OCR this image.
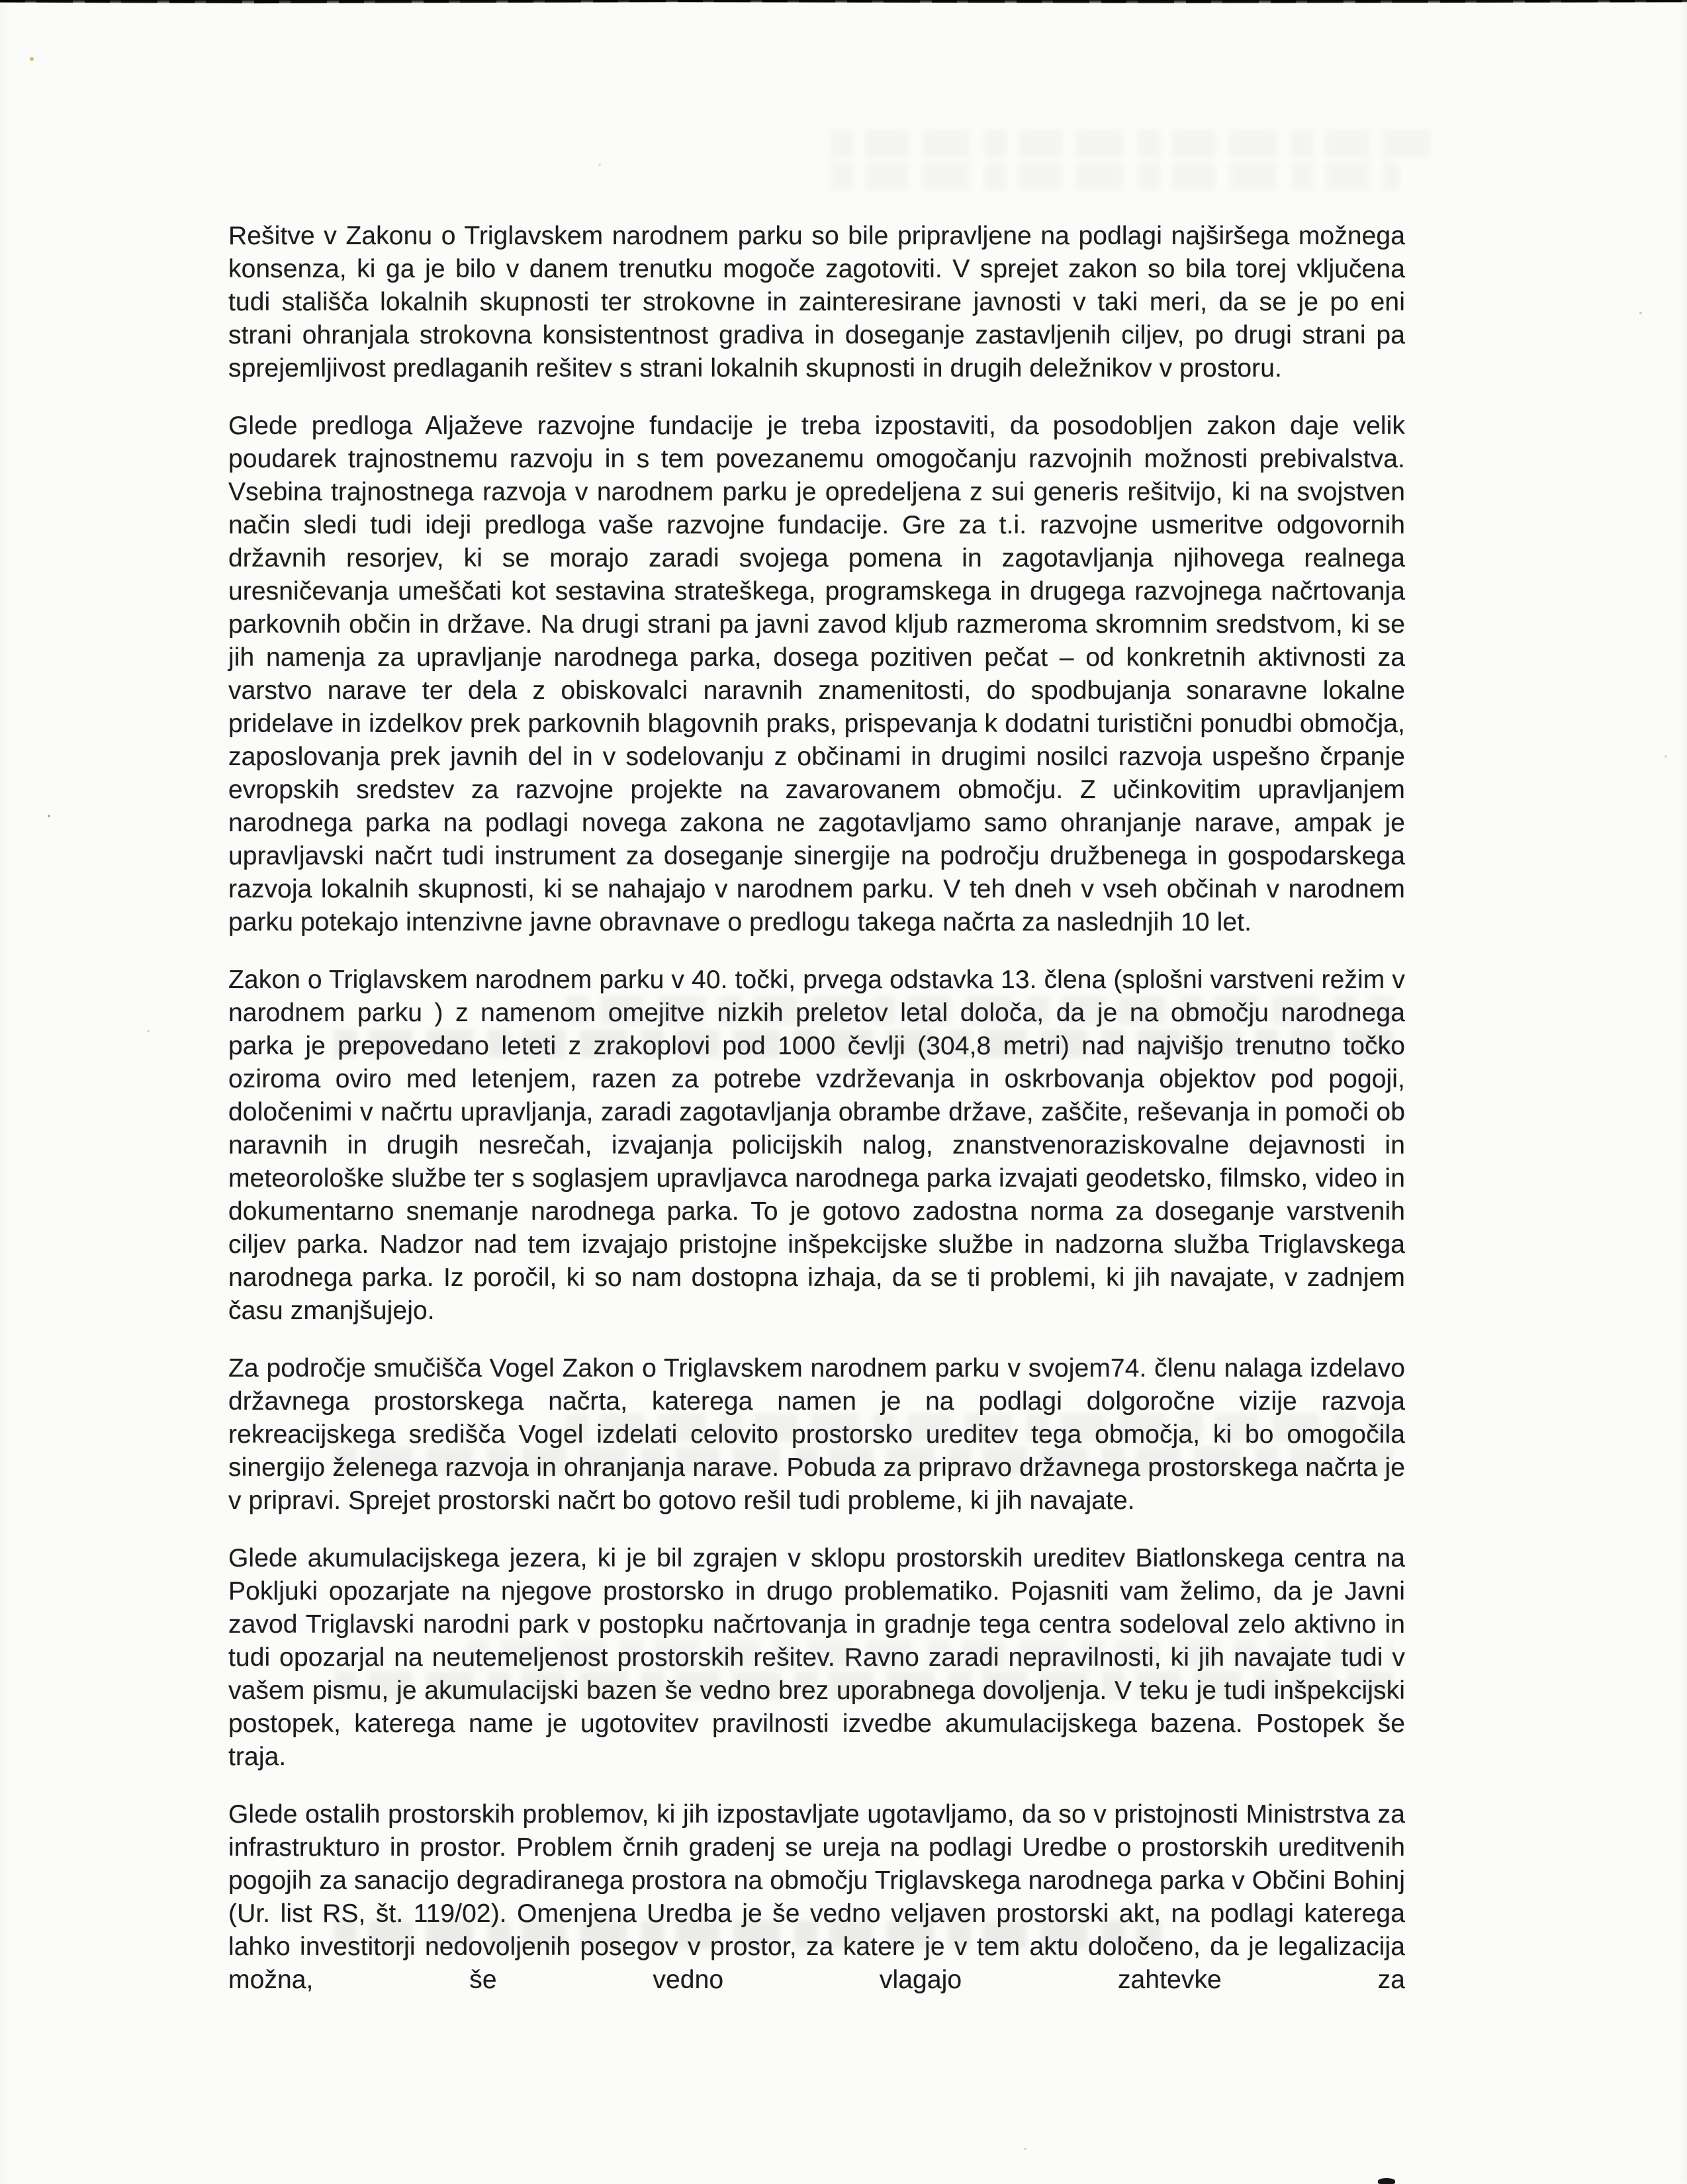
Rešitve v Zakonu o Triglavskem narodnem parku so bile pripravljene na podlagi najširšega možnega konsenza, ki ga je bilo v danem trenutku mogoče zagotoviti. V sprejet zakon so bila torej vključena tudi stališča lokalnih skupnosti ter strokovne in zainteresirane javnosti v taki meri, da se je po eni strani ohranjala strokovna konsistentnost gradiva in doseganje zastavljenih ciljev, po drugi strani pa sprejemljivost predlaganih rešitev s strani lokalnih skupnosti in drugih deležnikov v prostoru.

Glede predloga Aljaževe razvojne fundacije je treba izpostaviti, da posodobljen zakon daje velik poudarek trajnostnemu razvoju in s tem povezanemu omogočanju razvojnih možnosti prebivalstva. Vsebina trajnostnega razvoja v narodnem parku je opredeljena z sui generis rešitvijo, ki na svojstven način sledi tudi ideji predloga vaše razvojne fundacije. Gre za t.i. razvojne usmeritve odgovornih državnih resorjev, ki se morajo zaradi svojega pomena in zagotavljanja njihovega realnega uresničevanja umeščati kot sestavina strateškega, programskega in drugega razvojnega načrtovanja parkovnih občin in države. Na drugi strani pa javni zavod kljub razmeroma skromnim sredstvom, ki se jih namenja za upravljanje narodnega parka, dosega pozitiven pečat – od konkretnih aktivnosti za varstvo narave ter dela z obiskovalci naravnih znamenitosti, do spodbujanja sonaravne lokalne pridelave in izdelkov prek parkovnih blagovnih praks, prispevanja k dodatni turistični ponudbi območja, zaposlovanja prek javnih del in v sodelovanju z občinami in drugimi nosilci razvoja uspešno črpanje evropskih sredstev za razvojne projekte na zavarovanem območju. Z učinkovitim upravljanjem narodnega parka na podlagi novega zakona ne zagotavljamo samo ohranjanje narave, ampak je upravljavski načrt tudi instrument za doseganje sinergije na področju družbenega in gospodarskega razvoja lokalnih skupnosti, ki se nahajajo v narodnem parku. V teh dneh v vseh občinah v narodnem parku potekajo intenzivne javne obravnave o predlogu takega načrta za naslednjih 10 let.

Zakon o Triglavskem narodnem parku v 40. točki, prvega odstavka 13. člena (splošni varstveni režim v narodnem parku ) z namenom omejitve nizkih preletov letal določa, da je na območju narodnega parka je prepovedano leteti z zrakoplovi pod 1000 čevlji (304,8 metri) nad najvišjo trenutno točko oziroma oviro med letenjem, razen za potrebe vzdrževanja in oskrbovanja objektov pod pogoji, določenimi v načrtu upravljanja, zaradi zagotavljanja obrambe države, zaščite, reševanja in pomoči ob naravnih in drugih nesrečah, izvajanja policijskih nalog, znanstvenoraziskovalne dejavnosti in meteorološke službe ter s soglasjem upravljavca narodnega parka izvajati geodetsko, filmsko, video in dokumentarno snemanje narodnega parka. To je gotovo zadostna norma za doseganje varstvenih ciljev parka. Nadzor nad tem izvajajo pristojne inšpekcijske službe in nadzorna služba Triglavskega narodnega parka. Iz poročil, ki so nam dostopna izhaja, da se ti problemi, ki jih navajate, v zadnjem času zmanjšujejo.

Za področje smučišča Vogel Zakon o Triglavskem narodnem parku v svojem74. členu nalaga izdelavo državnega prostorskega načrta, katerega namen je na podlagi dolgoročne vizije razvoja rekreacijskega središča Vogel izdelati celovito prostorsko ureditev tega območja, ki bo omogočila sinergijo želenega razvoja in ohranjanja narave. Pobuda za pripravo državnega prostorskega načrta je v pripravi. Sprejet prostorski načrt bo gotovo rešil tudi probleme, ki jih navajate.

Glede akumulacijskega jezera, ki je bil zgrajen v sklopu prostorskih ureditev Biatlonskega centra na Pokljuki opozarjate na njegove prostorsko in drugo problematiko. Pojasniti vam želimo, da je Javni zavod Triglavski narodni park v postopku načrtovanja in gradnje tega centra sodeloval zelo aktivno in tudi opozarjal na neutemeljenost prostorskih rešitev. Ravno zaradi nepravilnosti, ki jih navajate tudi v vašem pismu, je akumulacijski bazen še vedno brez uporabnega dovoljenja. V teku je tudi inšpekcijski postopek, katerega name je ugotovitev pravilnosti izvedbe akumulacijskega bazena. Postopek še traja.

Glede ostalih prostorskih problemov, ki jih izpostavljate ugotavljamo, da so v pristojnosti Ministrstva za infrastrukturo in prostor. Problem črnih gradenj se ureja na podlagi Uredbe o prostorskih ureditvenih pogojih za sanacijo degradiranega prostora na območju Triglavskega narodnega parka v Občini Bohinj (Ur. list RS, št. 119/02). Omenjena Uredba je še vedno veljaven prostorski akt, na podlagi katerega lahko investitorji nedovoljenih posegov v prostor, za katere je v tem aktu določeno, da je legalizacija možna, še vedno vlagajo zahtevke za
